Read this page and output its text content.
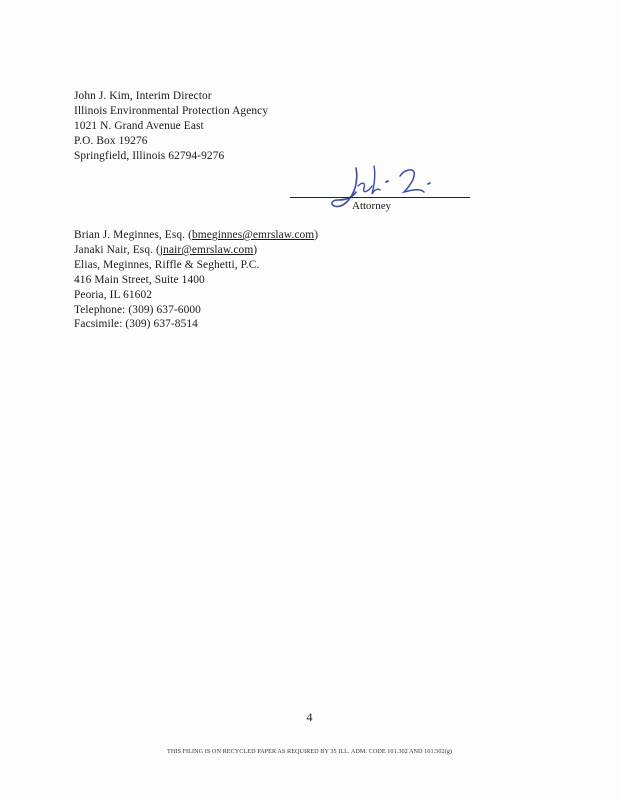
John J. Kim, Interim Director
Illinois Environmental Protection Agency
1021 N. Grand Avenue East
P.O. Box 19276
Springfield, Illinois 62794-9276
Attorney
Brian J. Meginnes, Esq. (bmeginnes@emrslaw.com)
Janaki Nair, Esq. (jnair@emrslaw.com)
Elias, Meginnes, Riffle & Seghetti, P.C.
416 Main Street, Suite 1400
Peoria, IL 61602
Telephone: (309) 637-6000
Facsimile: (309) 637-8514
4
THIS FILING IS ON RECYCLED PAPER AS REQUIRED BY 35 ILL. ADM. CODE 101.302 AND 101.502(g)
